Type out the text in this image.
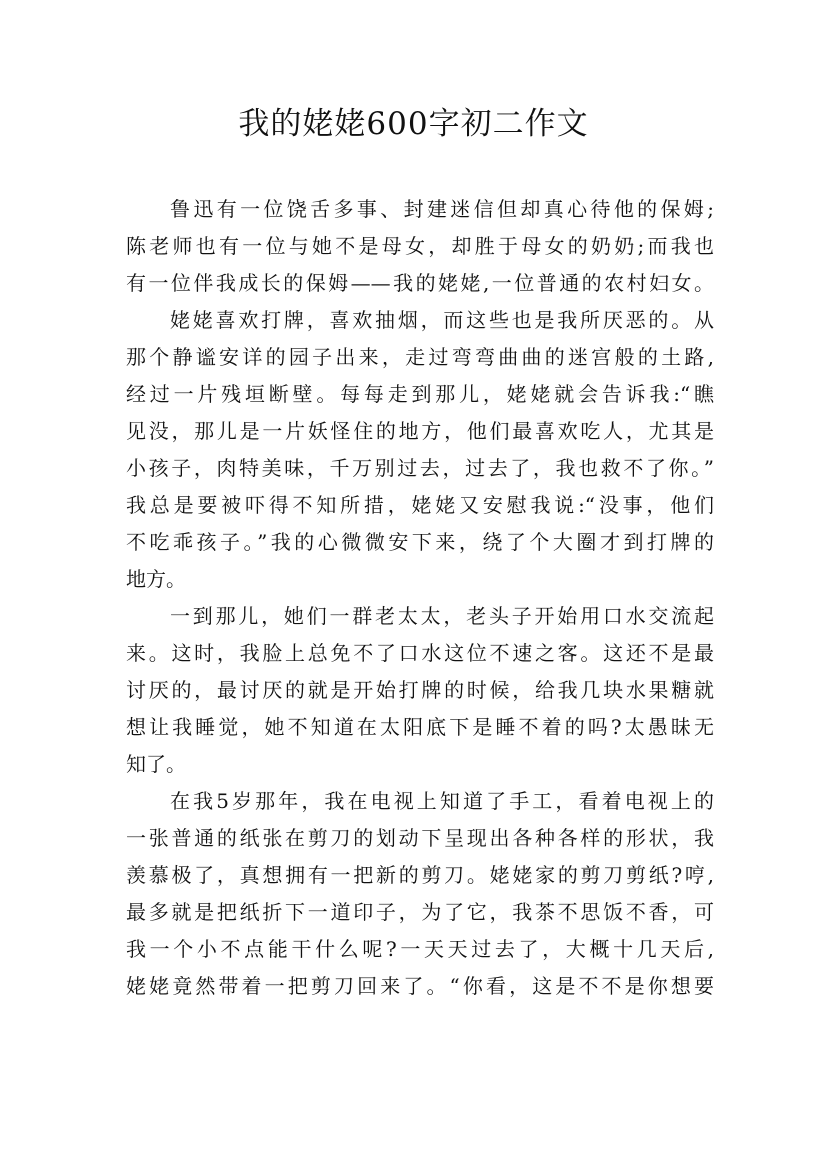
我的姥姥600字初二作文

鲁迅有一位饶舌多事、封建迷信但却真心待他的保姆;

陈老师也有一位与她不是母女，却胜于母女的奶奶;而我也

有一位伴我成长的保姆——我的姥姥,一位普通的农村妇女。

姥姥喜欢打牌，喜欢抽烟，而这些也是我所厌恶的。从

那个静谧安详的园子出来，走过弯弯曲曲的迷宫般的土路,

经过一片残垣断壁。每每走到那儿，姥姥就会告诉我:“瞧

见没，那儿是一片妖怪住的地方，他们最喜欢吃人，尤其是

小孩子，肉特美味，千万别过去，过去了，我也救不了你。”

我总是要被吓得不知所措，姥姥又安慰我说:“没事，他们

不吃乖孩子。”我的心微微安下来，绕了个大圈才到打牌的

地方。

一到那儿，她们一群老太太，老头子开始用口水交流起

来。这时，我脸上总免不了口水这位不速之客。这还不是最

讨厌的，最讨厌的就是开始打牌的时候，给我几块水果糖就

想让我睡觉，她不知道在太阳底下是睡不着的吗?太愚昧无

知了。

在我5岁那年，我在电视上知道了手工，看着电视上的

一张普通的纸张在剪刀的划动下呈现出各种各样的形状，我

羡慕极了，真想拥有一把新的剪刀。姥姥家的剪刀剪纸?哼,

最多就是把纸折下一道印子，为了它，我茶不思饭不香，可

我一个小不点能干什么呢?一天天过去了，大概十几天后,

姥姥竟然带着一把剪刀回来了。“你看，这是不不是你想要
